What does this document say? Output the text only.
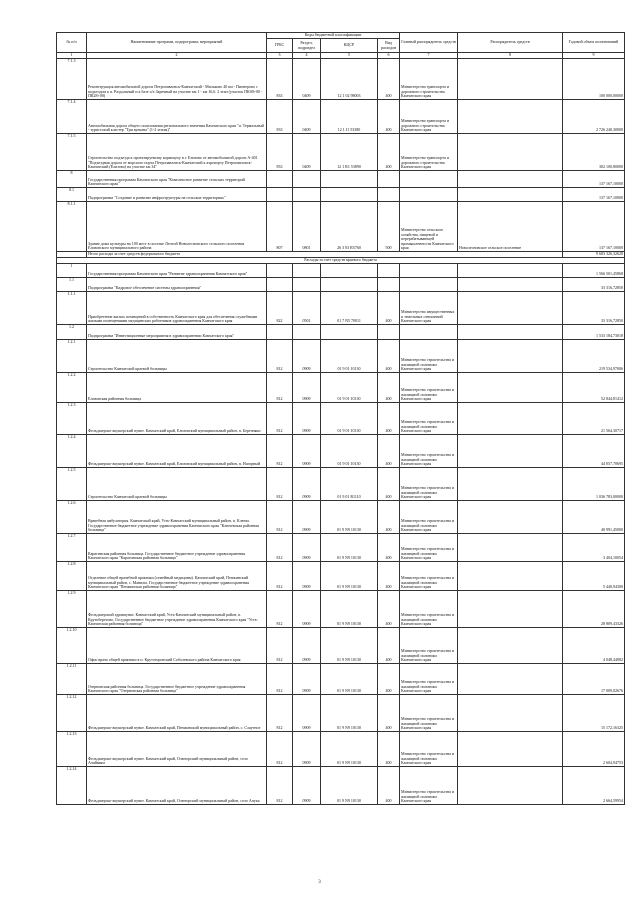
№ п/п	Наименование программ, подпрограмм, мероприятий	Коды бюджетной классификации				Главный распорядитель средств	Распорядитель средств	Годовой объем ассигнований
		ГРБС	Раздел, подраздел	КЦСР	Вид расходов			
1	2	3	4	5	6	7	8	9
7.1.3	Реконструкция автомобильной дороги Петропавловск-Камчатский - Мильково 40 км - Пионерово с подъездом к п. Раздольный и к базе о/х Заречный на участке км 1 - км 16,6. 2 этап (участок ПК00+00 - ПК28+00)	833	0409	12 1 02 98003	400	Министерство транспорта и дорожного строительства Камчатского края		100 000,00000
7.1.4	Автомобильная дорога общего пользования регионального значения Камчатского края "п. Термальный - туристский кластер "Три вулкана" (1-2 этапы)"	833	0409	12 1 J1 53380	400	Министерство транспорта и дорожного строительства Камчатского края		2 726 240,30000
7.1.5	Строительство подъезда к проектируемому кормоцеху в г. Елизово от автомобильной дороги А-401 "Подъездная дорога от морского порта Петропавловск-Камчатский к аэропорту Петропавловск-Камчатский (Елизово) на участке км 34"	833	0409	12 1 R1 53890	400	Министерство транспорта и дорожного строительства Камчатского края		302 100,80000
8	Государственная программа Камчатского края "Комплексное развитие сельских территорий Камчатского края"							137 167,10000
8.1	Подпрограмма "Создание и развитие инфраструктуры на сельских территориях"							137 167,10000
8.1.1	Здание дома культуры на 100 мест в поселке Лесной Новолесновского сельского поселения Елизовского муниципального района	807	0801	26 3 03 R5760	500	Министерство сельского хозяйства, пищевой и перерабатывающей промышленности Камчатского края	Новолесновское сельское поселение	137 167,10000
	Итого расходы за счет средств федерального бюджета							9 683 326,32628
Расходы за счет средств краевого бюджета								
1	Государственная программа Камчатского края "Развитие здравоохранения Камчатского края"							1 566 501,45868
1.1	Подпрограмма "Кадровое обеспечение системы здравоохранения"							33 316,72850
1.1.1	Приобретение жилых помещений в собственность Камчатского края для обеспечения служебными жилыми помещениями медицинских работников здравоохранения Камчатского края	822	0501	01 7 N5 70011	400	Министерство имущественных и земельных отношений Камчатского края		33 316,72850
1.2	Подпрограмма "Инвестиционные мероприятия в здравоохранении Камчатского края"							1 533 184,73018
1.2.1	Строительство Камчатской краевой больницы	812	0909	01 9 01 10130	400	Министерство строительства и жилищной политики Камчатского края		219 534,97006
1.2.2	Елизовская районная больница	812	0909	01 9 01 10130	400	Министерство строительства и жилищной политики Камчатского края		52 844,81412
1.2.3	Фельдшерско-акушерский пункт. Камчатский край, Елизовский муниципальный район, п. Березняки	812	0909	01 9 01 10130	400	Министерство строительства и жилищной политики Камчатского края		21 564,30717
1.2.4	Фельдшерско-акушерский пункт. Камчатский край, Елизовский муниципальный район, п. Нагорный	812	0909	01 9 01 10130	400	Министерство строительства и жилищной политики Камчатского края		44 057,70695
1.2.5	Строительство Камчатской краевой больницы	812	0909	01 9 01 R1110	400	Министерство строительства и жилищной политики Камчатского края		1 036 783,00000
1.2.6	Врачебная амбулатория. Камчатский край, Усть-Камчатский муниципальный район, п. Ключи. Государственное бюджетное учреждение здравоохранения Камчатского края "Ключевская районная больница"	812	0909	01 9 N9 10130	400	Министерство строительства и жилищной политики Камчатского края		40 991,45000
1.2.7	Карагинская районная больница. Государственное бюджетное учреждение здравоохранения Камчатского края "Карагинская районная больница"	812	0909	01 9 N9 10130	400	Министерство строительства и жилищной политики Камчатского края		3 404,10054
1.2.8	Отделение общей врачебной практики (семейный медицины). Камчатский край, Пенжинский муниципальный район, с. Манилы. Государственное бюджетное учреждение здравоохранения Камчатского края "Пенжинская районная больница"	812	0909	01 9 N9 10130	400	Министерство строительства и жилищной политики Камчатского края		5 440,94300
1.2.9	Фельдшерский здравпункт. Камчатский край, Усть-Камчатский муниципальный район, п. Крутоберегово. Государственное бюджетное учреждение здравоохранения Камчатского края "Усть-Камчатская районная больница"	812	0909	01 9 N9 10130	400	Министерство строительства и жилищной политики Камчатского края		28 809,43326
1.2.10	Офис врача общей практики в п. Крутогоровский Соболевского района Камчатского края	812	0909	01 9 N9 10130	400	Министерство строительства и жилищной политики Камчатского края		4 048,44082
1.2.11	Озерновская районная больница. Государственное бюджетное учреждение здравоохранения Камчатского края "Озерновская районная больница"	812	0909	01 9 N9 10130	400	Министерство строительства и жилищной политики Камчатского края		17 009,02676
1.2.12	Фельдшерско-акушерский пункт. Камчатский край, Пенжинский муниципальный район, с. Слаутное	812	0909	01 9 N9 10130	400	Министерство строительства и жилищной политики Камчатского края		15 172,16325
1.2.13	Фельдшерско-акушерский пункт. Камчатский край, Олюторский муниципальный район, село Ачайваям	812	0909	01 9 N9 10130	400	Министерство строительства и жилищной политики Камчатского края		2 604,94753
1.2.14	Фельдшерско-акушерский пункт. Камчатский край, Олюторский муниципальный район, село Апука	812	0909	01 9 N9 10130	400	Министерство строительства и жилищной политики Камчатского края		2 664,59954
3
